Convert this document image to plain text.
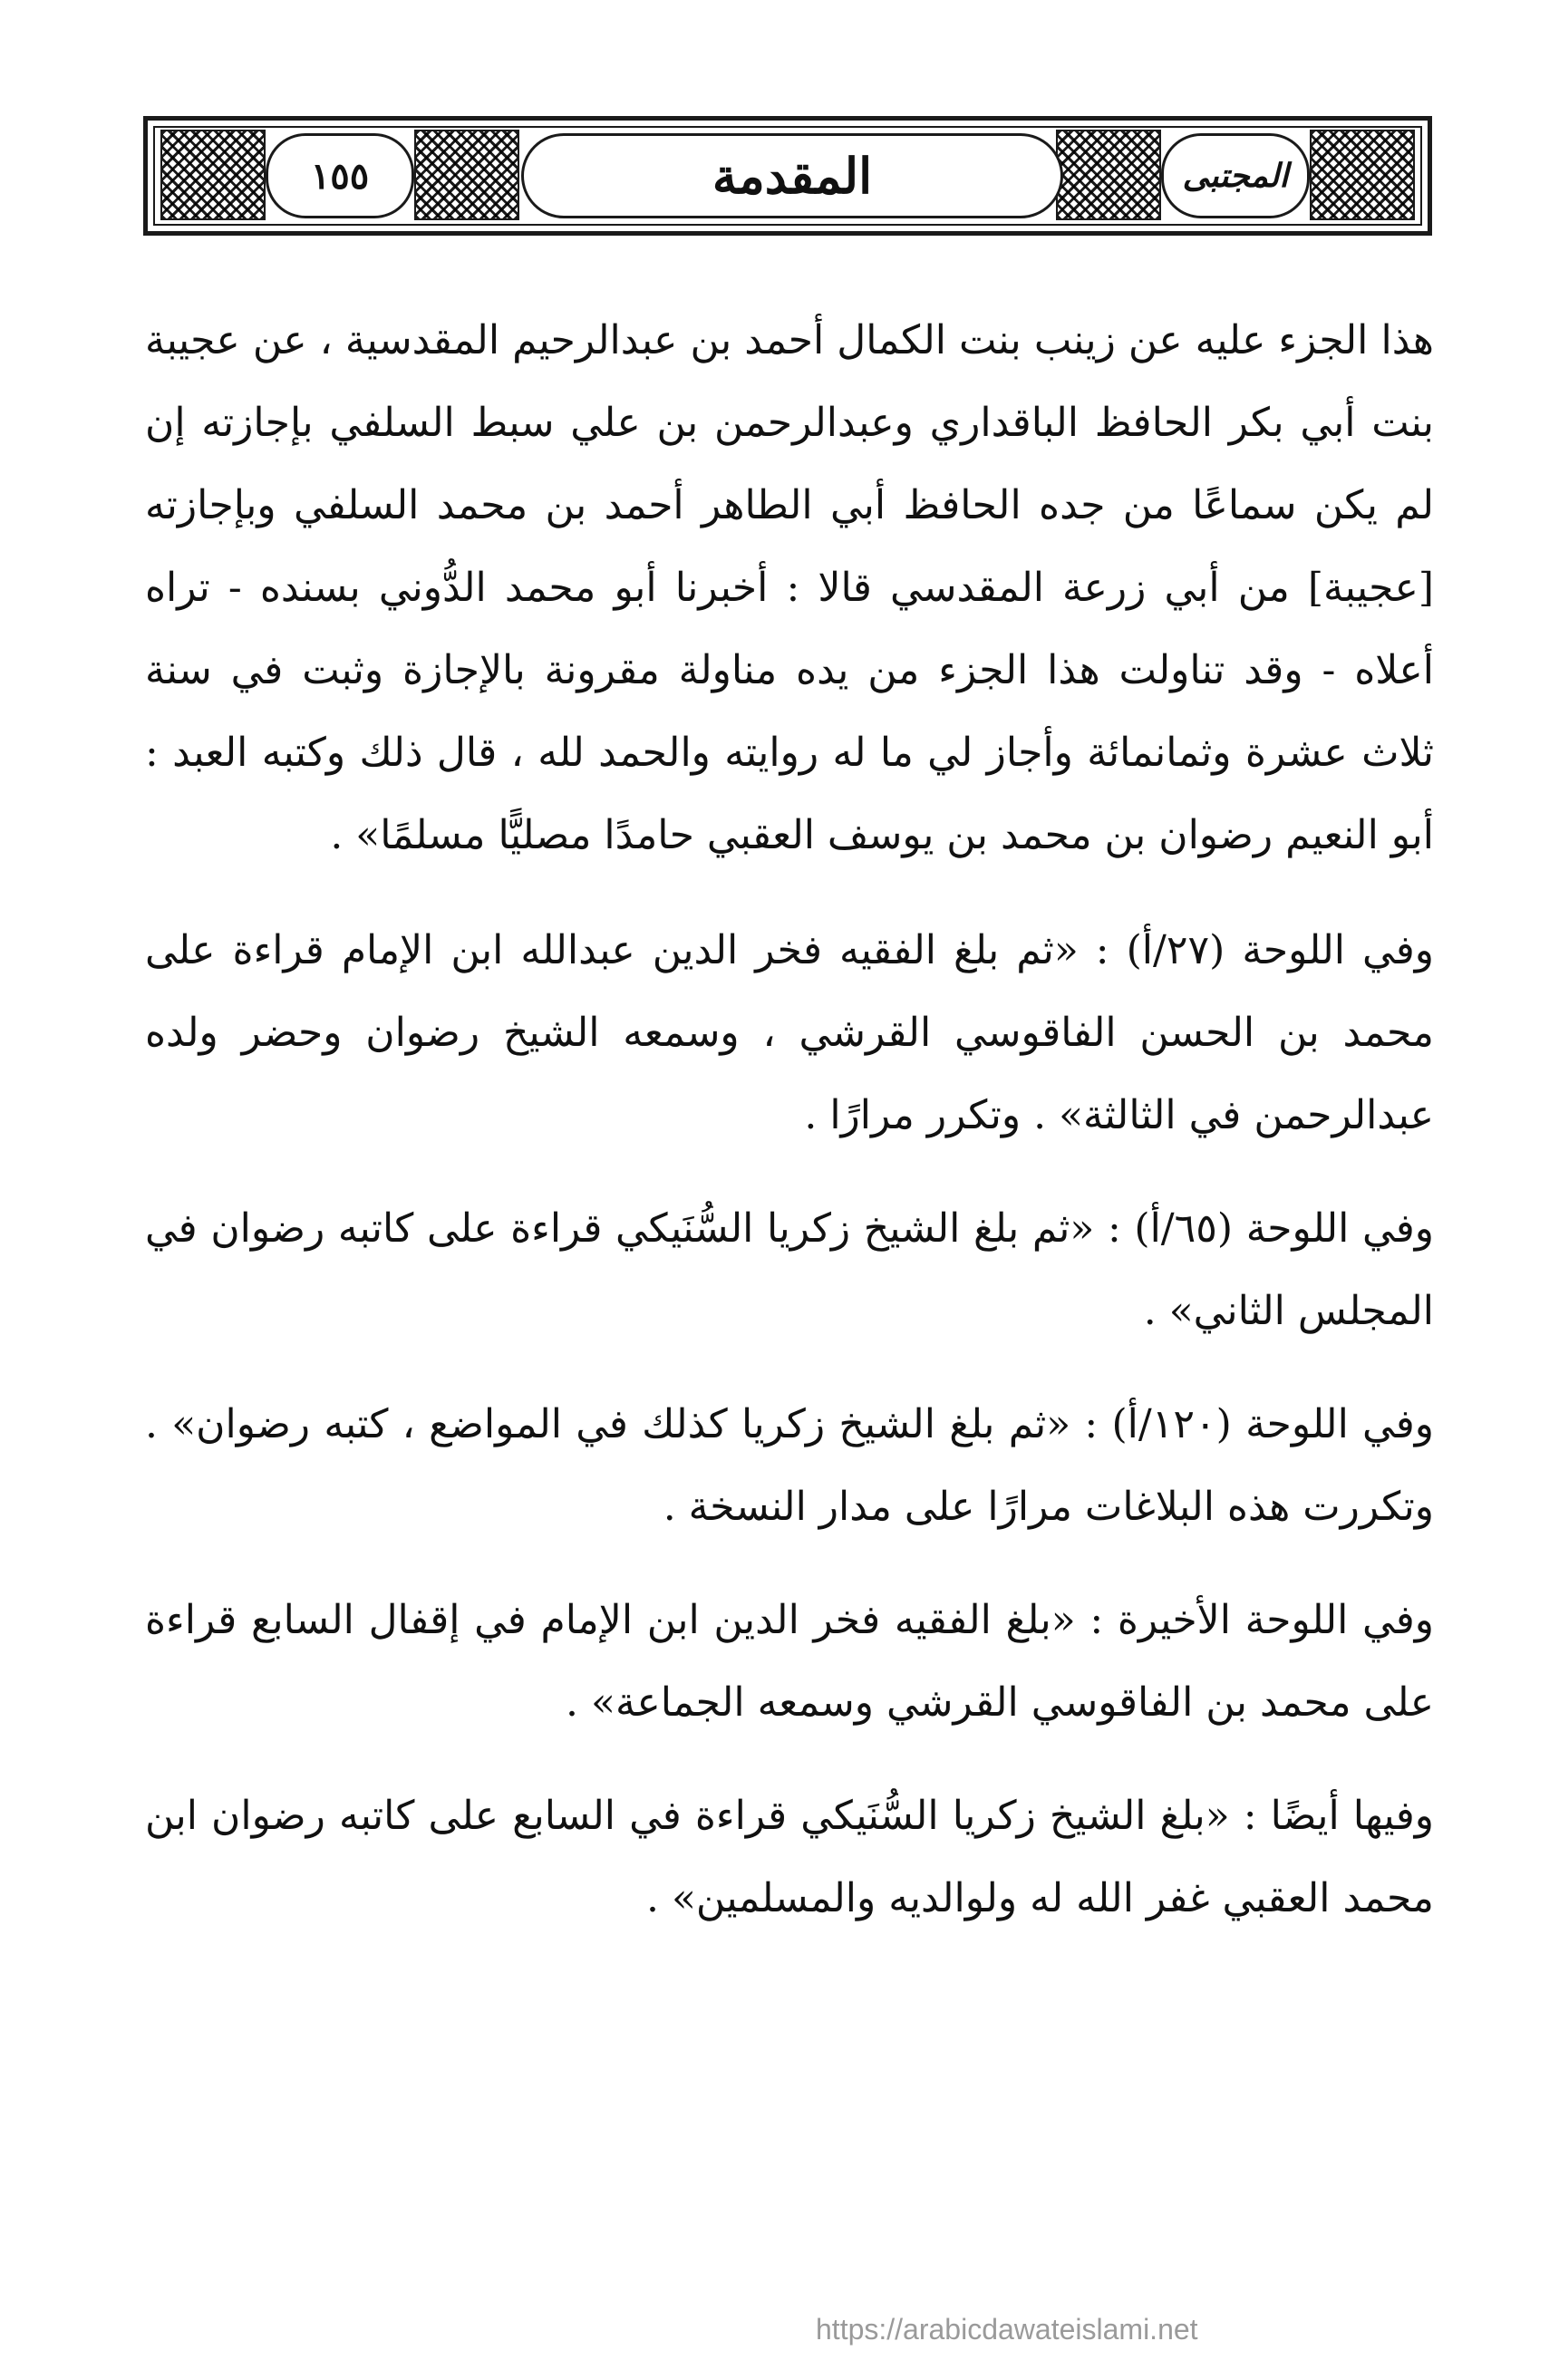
١٥٥	المقدمة	المجتبى

هذا الجزء عليه عن زينب بنت الكمال أحمد بن عبدالرحيم المقدسية ، عن عجيبة بنت أبي بكر الحافظ الباقداري وعبدالرحمن بن علي سبط السلفي بإجازته إن لم يكن سماعًا من جده الحافظ أبي الطاهر أحمد بن محمد السلفي وبإجازته [عجيبة] من أبي زرعة المقدسي قالا : أخبرنا أبو محمد الدُّوني بسنده - تراه أعلاه - وقد تناولت هذا الجزء من يده مناولة مقرونة بالإجازة وثبت في سنة ثلاث عشرة وثمانمائة وأجاز لي ما له روايته والحمد لله ، قال ذلك وكتبه العبد : أبو النعيم رضوان بن محمد بن يوسف العقبي حامدًا مصليًّا مسلمًا» .

وفي اللوحة (٢٧/أ) : «ثم بلغ الفقيه فخر الدين عبدالله ابن الإمام قراءة على محمد بن الحسن الفاقوسي القرشي ، وسمعه الشيخ رضوان وحضر ولده عبدالرحمن في الثالثة» . وتكرر مرارًا .

وفي اللوحة (٦٥/أ) : «ثم بلغ الشيخ زكريا السُّنَيكي قراءة على كاتبه رضوان في المجلس الثاني» .

وفي اللوحة (١٢٠/أ) : «ثم بلغ الشيخ زكريا كذلك في المواضع ، كتبه رضوان» . وتكررت هذه البلاغات مرارًا على مدار النسخة .

وفي اللوحة الأخيرة : «بلغ الفقيه فخر الدين ابن الإمام في إقفال السابع قراءة على محمد بن الفاقوسي القرشي وسمعه الجماعة» .

وفيها أيضًا : «بلغ الشيخ زكريا السُّنَيكي قراءة في السابع على كاتبه رضوان ابن محمد العقبي غفر الله له ولوالديه والمسلمين» .

https://arabicdawateislami.net
